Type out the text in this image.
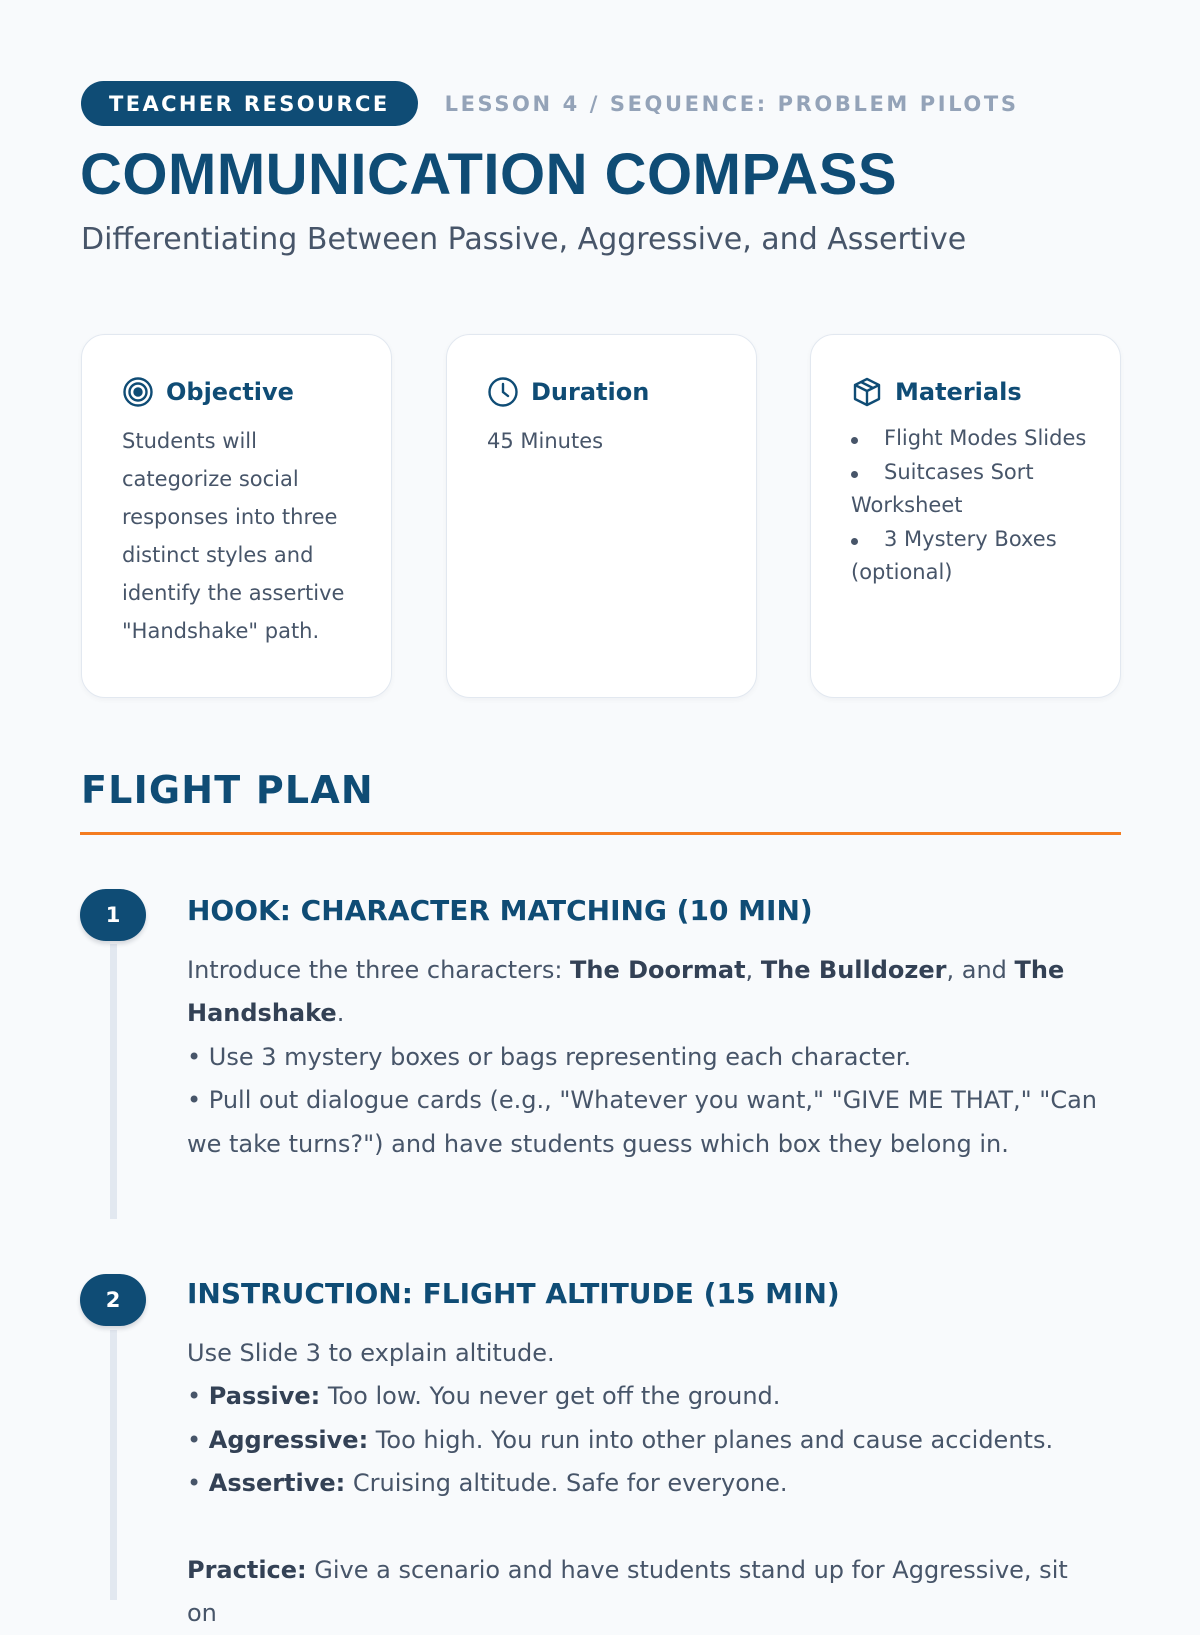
TEACHER RESOURCE	LESSON 4 / SEQUENCE: PROBLEM PILOTS
COMMUNICATION COMPASS
Differentiating Between Passive, Aggressive, and Assertive
Objective

Students will categorize social responses into three distinct styles and identify the assertive "Handshake" path.

Duration

45 Minutes

Materials
Flight Modes Slides
Suitcases Sort Worksheet
3 Mystery Boxes (optional)
FLIGHT PLAN
1	HOOK: CHARACTER MATCHING (10 MIN)
Introduce the three characters: The Doormat, The Bulldozer, and The Handshake.
• Use 3 mystery boxes or bags representing each character.
• Pull out dialogue cards (e.g., "Whatever you want," "GIVE ME THAT," "Can we take turns?") and have students guess which box they belong in.
2	INSTRUCTION: FLIGHT ALTITUDE (15 MIN)
Use Slide 3 to explain altitude.
• Passive: Too low. You never get off the ground.
• Aggressive: Too high. You run into other planes and cause accidents.
• Assertive: Cruising altitude. Safe for everyone.
Practice: Give a scenario and have students stand up for Aggressive, sit on
